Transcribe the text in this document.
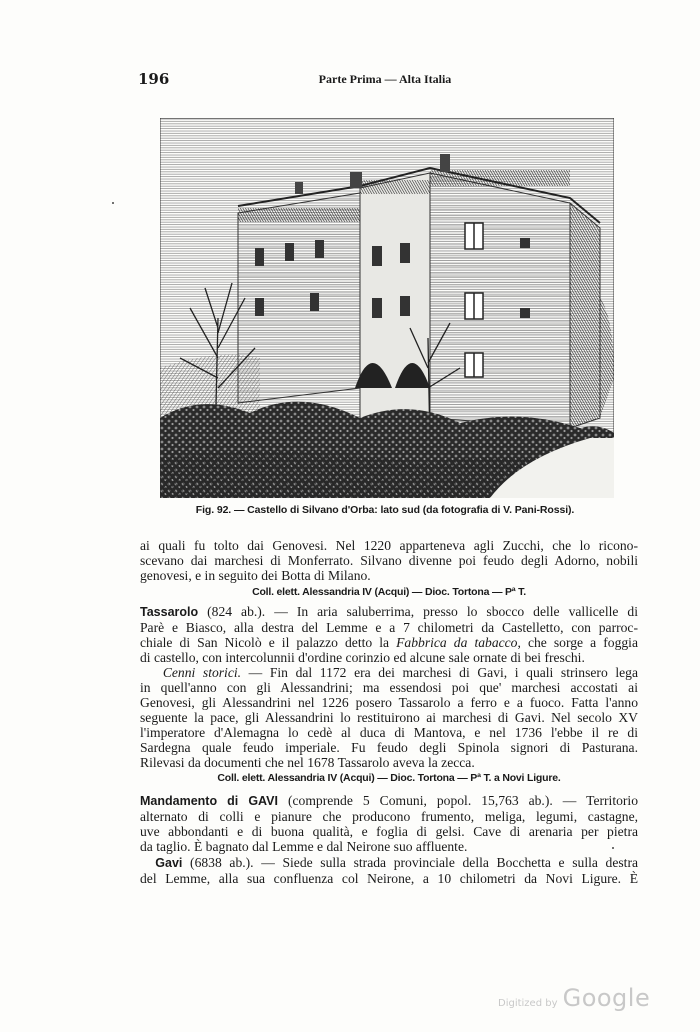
196	Parte Prima — Alta Italia
Fig. 92. — Castello di Silvano d'Orba: lato sud (da fotografia di V. Pani-Rossi).
ai quali fu tolto dai Genovesi. Nel 1220 apparteneva agli Zucchi, che lo ricono-
scevano dai marchesi di Monferrato. Silvano divenne poi feudo degli Adorno, nobili
genovesi, e in seguito dei Botta di Milano.
Coll. elett. Alessandria IV (Acqui) — Dioc. Tortona — Pª T.
Tassarolo (824 ab.). — In aria saluberrima, presso lo sbocco delle vallicelle di
Parè e Biasco, alla destra del Lemme e a 7 chilometri da Castelletto, con parroc-
chiale di San Nicolò e il palazzo detto la Fabbrica da tabacco, che sorge a foggia
di castello, con intercolunnii d'ordine corinzio ed alcune sale ornate di bei freschi.
Cenni storici. — Fin dal 1172 era dei marchesi di Gavi, i quali strinsero lega
in quell'anno con gli Alessandrini; ma essendosi poi que' marchesi accostati ai
Genovesi, gli Alessandrini nel 1226 posero Tassarolo a ferro e a fuoco. Fatta l'anno
seguente la pace, gli Alessandrini lo restituirono ai marchesi di Gavi. Nel secolo XV
l'imperatore d'Alemagna lo cedè al duca di Mantova, e nel 1736 l'ebbe il re di
Sardegna quale feudo imperiale. Fu feudo degli Spinola signori di Pasturana.
Rilevasi da documenti che nel 1678 Tassarolo aveva la zecca.
Coll. elett. Alessandria IV (Acqui) — Dioc. Tortona — Pª T. a Novi Ligure.
Mandamento di GAVI (comprende 5 Comuni, popol. 15,763 ab.). — Territorio
alternato di colli e pianure che producono frumento, meliga, legumi, castagne,
uve abbondanti e di buona qualità, e foglia di gelsi. Cave di arenaria per pietra
da taglio. È bagnato dal Lemme e dal Neirone suo affluente.
Gavi (6838 ab.). — Siede sulla strada provinciale della Bocchetta e sulla destra
del Lemme, alla sua confluenza col Neirone, a 10 chilometri da Novi Ligure. È
Digitized by Google
